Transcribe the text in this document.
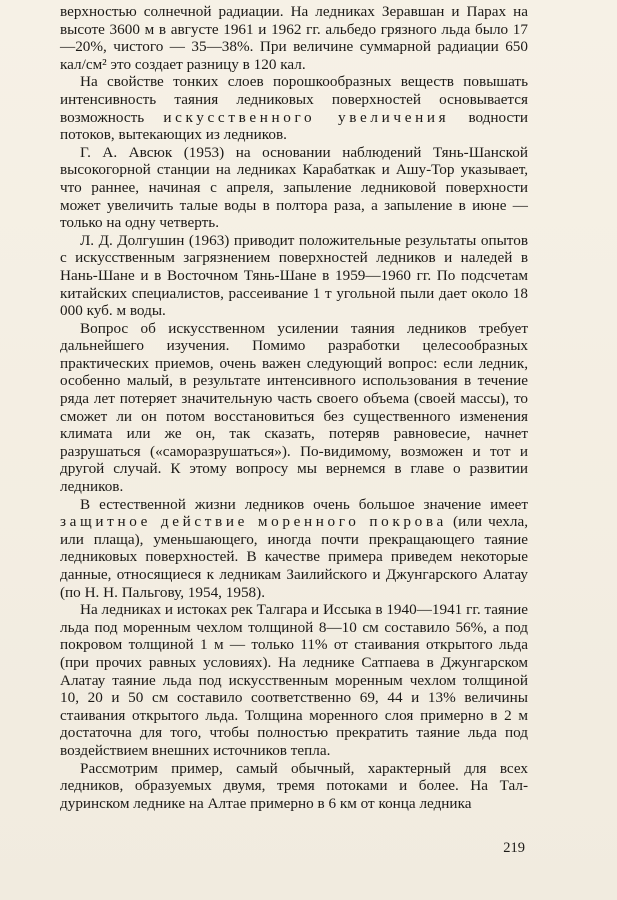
верхностью солнечной радиации. На ледниках Зеравшан и Парах на высоте 3600 м в августе 1961 и 1962 гг. альбедо грязного льда было 17—20%, чистого — 35—38%. При величине суммарной радиации 650 кал/см² это создает разницу в 120 кал.

На свойстве тонких слоев порошкообразных веществ повышать интенсивность таяния ледниковых поверхностей основывается возможность искусственного увеличения водности потоков, вытекающих из ледников.

Г. А. Авсюк (1953) на основании наблюдений Тянь-Шанской высокогорной станции на ледниках Карабаткак и Ашу-Тор указывает, что раннее, начиная с апреля, запыление ледниковой поверхности может увеличить талые воды в полтора раза, а запыление в июне — только на одну четверть.

Л. Д. Долгушин (1963) приводит положительные результаты опытов с искусственным загрязнением поверхностей ледников и наледей в Нань-Шане и в Восточном Тянь-Шане в 1959—1960 гг. По подсчетам китайских специалистов, рассеивание 1 т угольной пыли дает около 18 000 куб. м воды.

Вопрос об искусственном усилении таяния ледников требует дальнейшего изучения. Помимо разработки целесообразных практических приемов, очень важен следующий вопрос: если ледник, особенно малый, в результате интенсивного использования в течение ряда лет потеряет значительную часть своего объема (своей массы), то сможет ли он потом восстановиться без существенного изменения климата или же он, так сказать, потеряв равновесие, начнет разрушаться («саморазрушаться»). По-видимому, возможен и тот и другой случай. К этому вопросу мы вернемся в главе о развитии ледников.

В естественной жизни ледников очень большое значение имеет защитное действие моренного покрова (или чехла, или плаща), уменьшающего, иногда почти прекращающего таяние ледниковых поверхностей. В качестве примера приведем некоторые данные, относящиеся к ледникам Заилийского и Джунгарского Алатау (по Н. Н. Пальгову, 1954, 1958).

На ледниках и истоках рек Талгара и Иссыка в 1940—1941 гг. таяние льда под моренным чехлом толщиной 8—10 см составило 56%, а под покровом толщиной 1 м — только 11% от стаивания открытого льда (при прочих равных условиях). На леднике Сатпаева в Джунгарском Алатау таяние льда под искусственным моренным чехлом толщиной 10, 20 и 50 см составило соответственно 69, 44 и 13% величины стаивания открытого льда. Толщина моренного слоя примерно в 2 м достаточна для того, чтобы полностью прекратить таяние льда под воздействием внешних источников тепла.

Рассмотрим пример, самый обычный, характерный для всех ледников, образуемых двумя, тремя потоками и более. На Талдуринском леднике на Алтае примерно в 6 км от конца ледника

219
